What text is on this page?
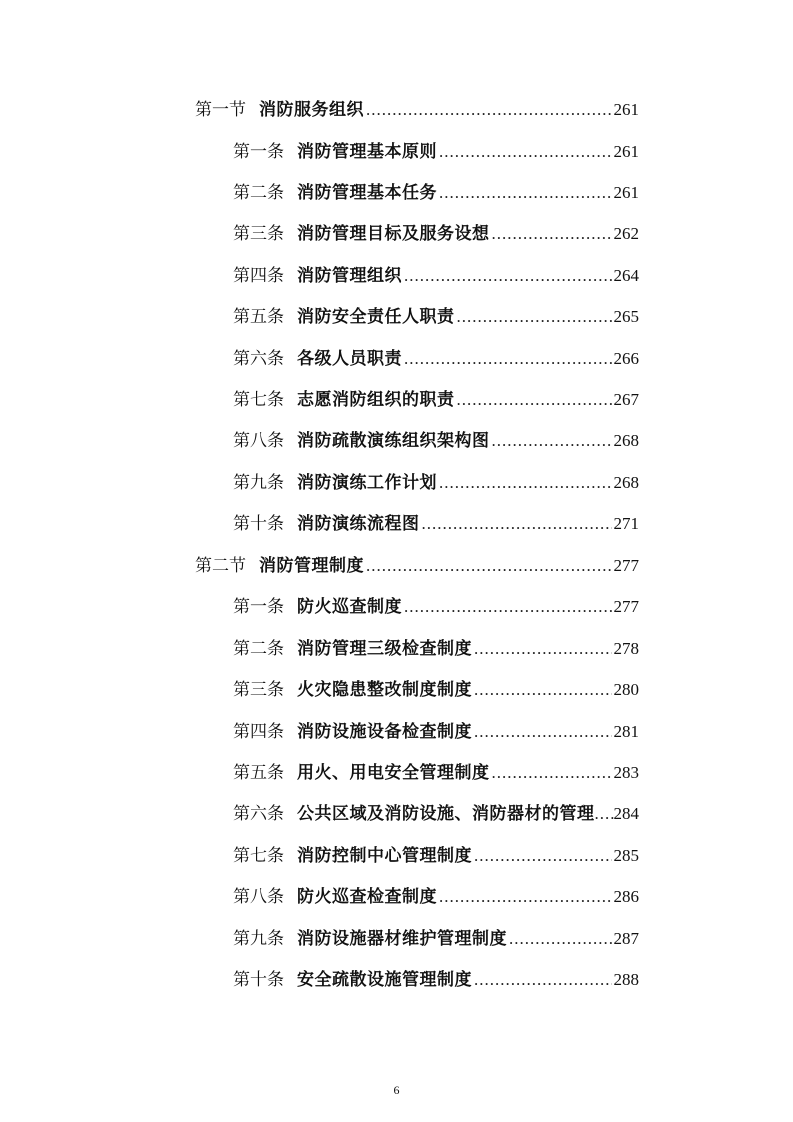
第一节 消防服务组织 .....	261
第一条 消防管理基本原则 .....	261
第二条 消防管理基本任务 .....	261
第三条 消防管理目标及服务设想 .....	262
第四条 消防管理组织 .....	264
第五条 消防安全责任人职责 .....	265
第六条 各级人员职责 .....	266
第七条 志愿消防组织的职责 .....	267
第八条 消防疏散演练组织架构图 .....	268
第九条 消防演练工作计划 .....	268
第十条 消防演练流程图 .....	271
第二节 消防管理制度 .....	277
第一条 防火巡查制度 .....	277
第二条 消防管理三级检查制度 .....	278
第三条 火灾隐患整改制度制度 .....	280
第四条 消防设施设备检查制度 .....	281
第五条 用火、用电安全管理制度 .....	283
第六条 公共区域及消防设施、消防器材的管理 ..... 284
第七条 消防控制中心管理制度 .....	285
第八条 防火巡查检查制度 .....	286
第九条 消防设施器材维护管理制度 .....	287
第十条 安全疏散设施管理制度 .....	288
6
